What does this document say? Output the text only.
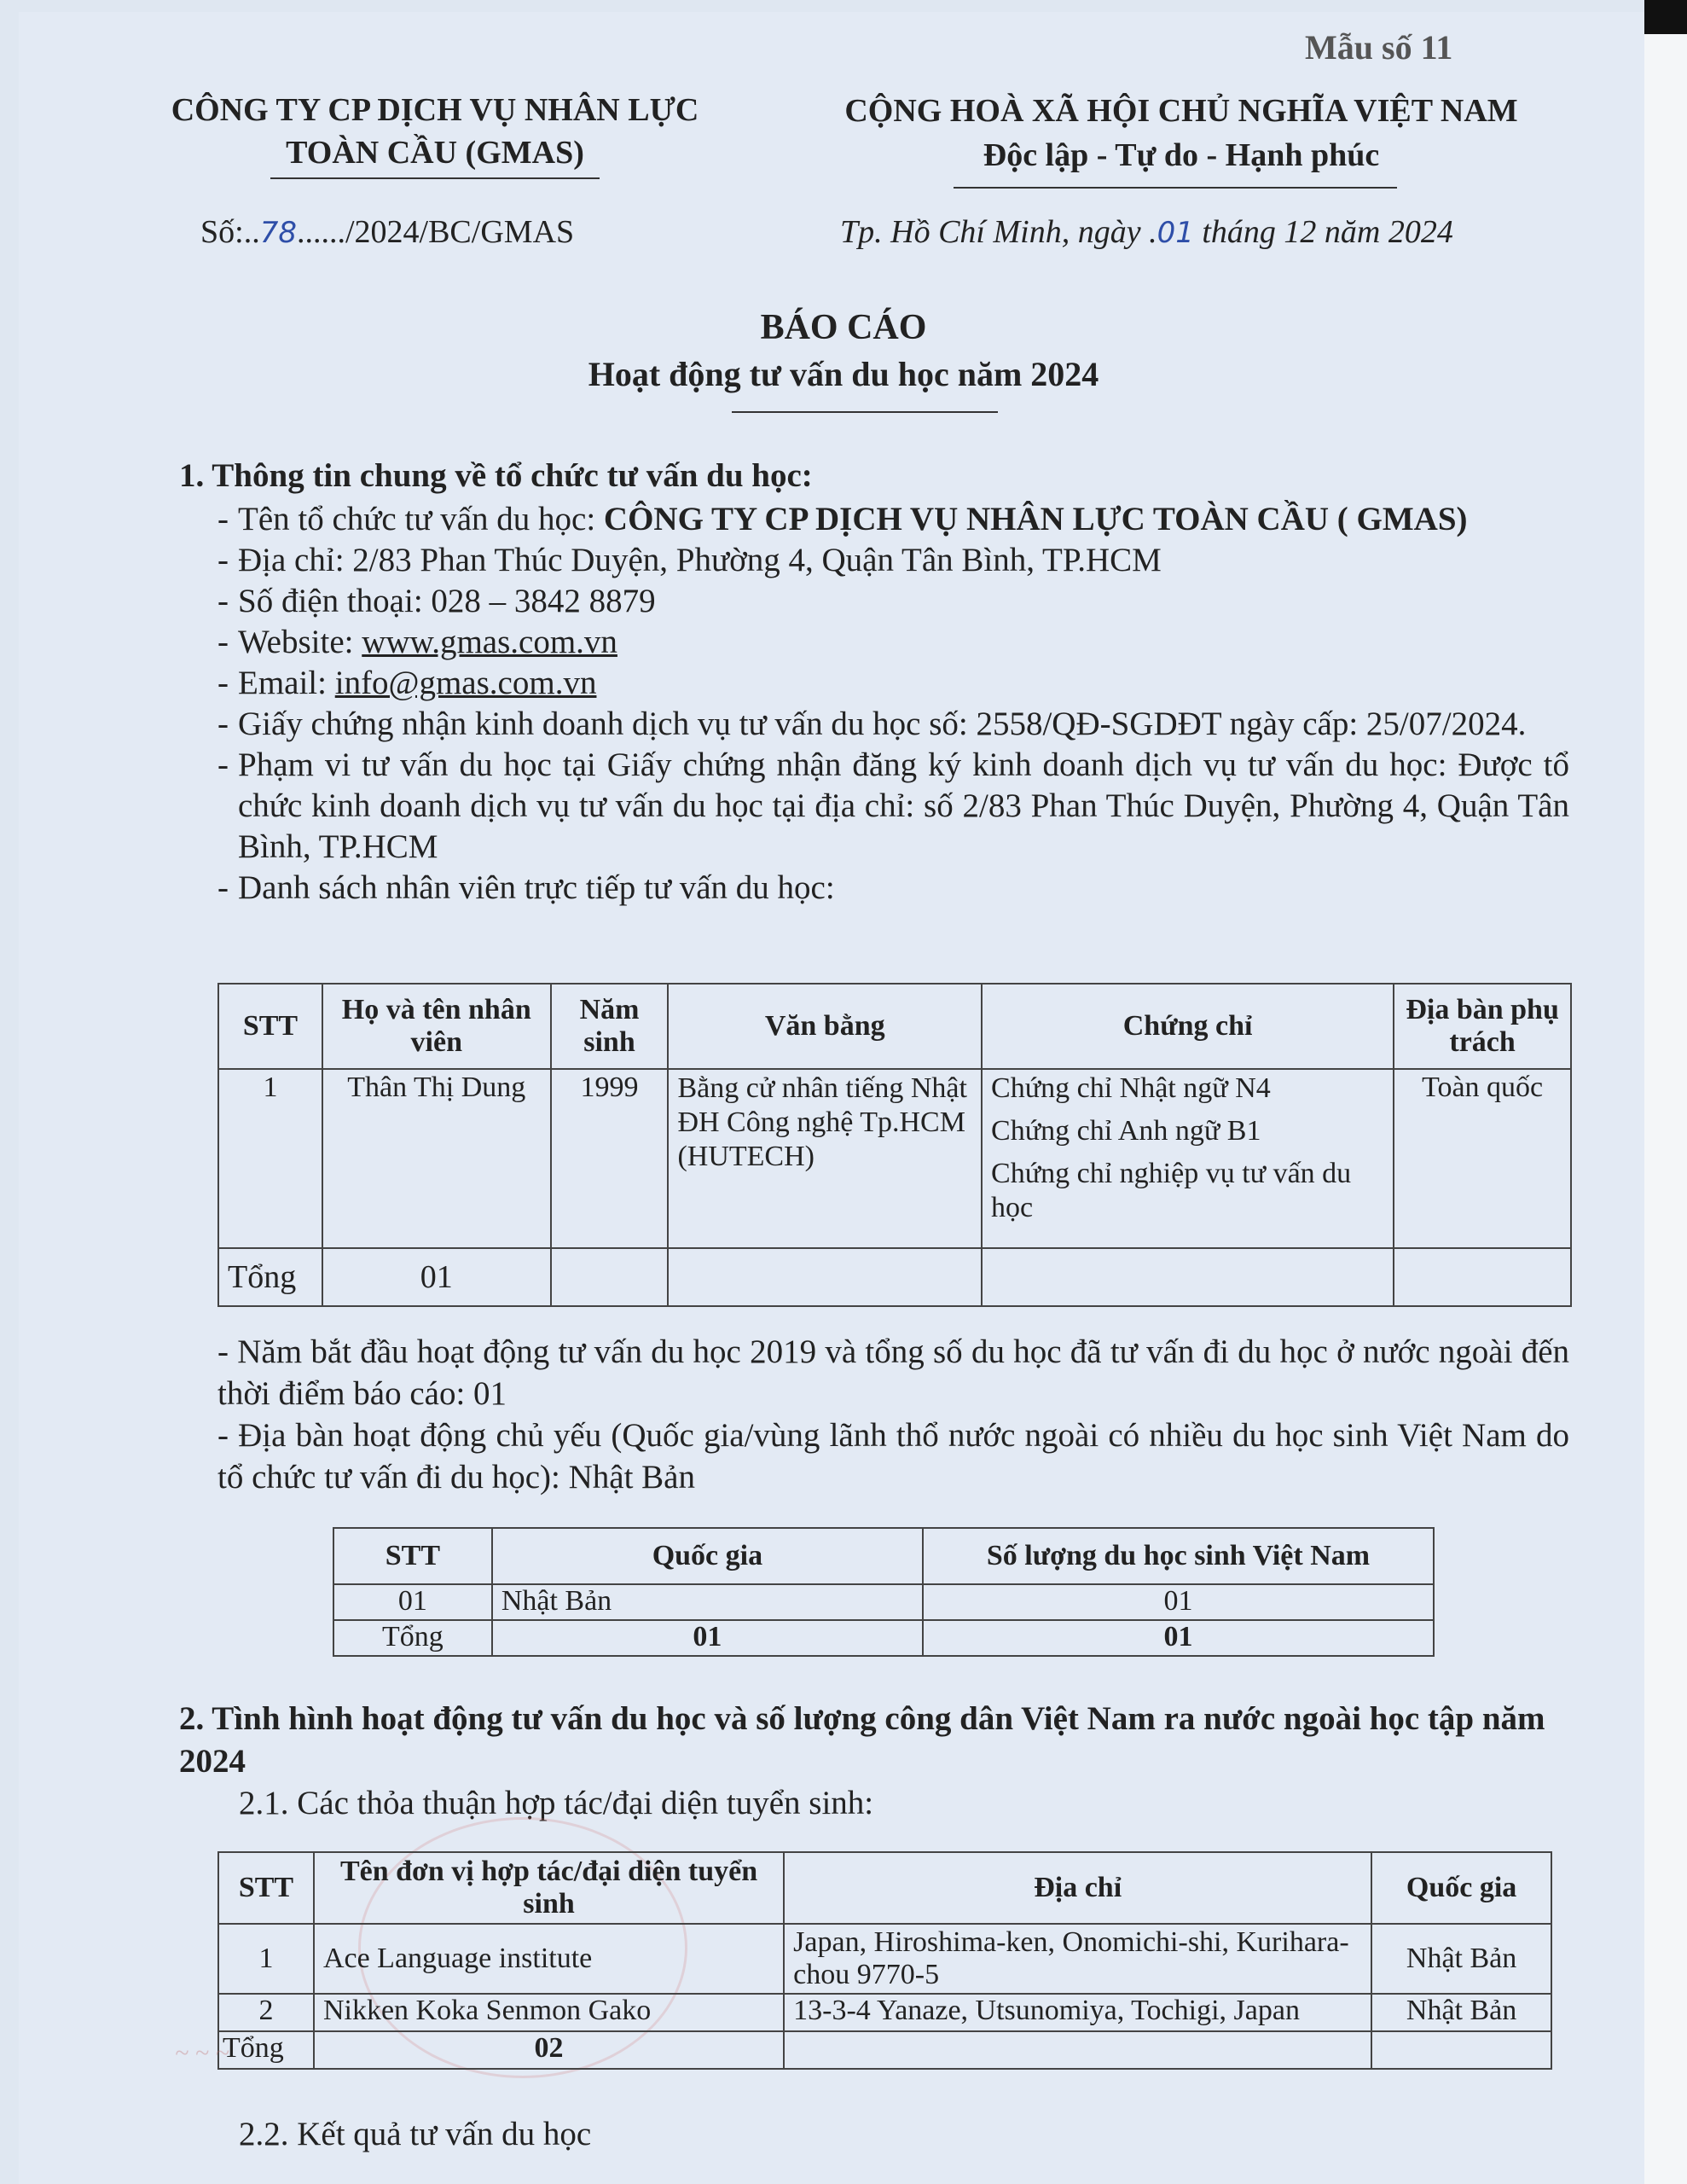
Mẫu số 11
CÔNG TY CP DỊCH VỤ NHÂN LỰC
TOÀN CẦU (GMAS)
CỘNG HOÀ XÃ HỘI CHỦ NGHĨA VIỆT NAM
Độc lập - Tự do - Hạnh phúc
Số:..78....../2024/BC/GMAS	Tp. Hồ Chí Minh, ngày .01 tháng 12 năm 2024
BÁO CÁO
Hoạt động tư vấn du học năm 2024
1. Thông tin chung về tổ chức tư vấn du học:
- Tên tổ chức tư vấn du học: CÔNG TY CP DỊCH VỤ NHÂN LỰC TOÀN CẦU ( GMAS)
- Địa chỉ: 2/83 Phan Thúc Duyện, Phường 4, Quận Tân Bình, TP.HCM
- Số điện thoại: 028 – 3842 8879
- Website: www.gmas.com.vn
- Email: info@gmas.com.vn
- Giấy chứng nhận kinh doanh dịch vụ tư vấn du học số: 2558/QĐ-SGDĐT ngày cấp: 25/07/2024.
- Phạm vi tư vấn du học tại Giấy chứng nhận đăng ký kinh doanh dịch vụ tư vấn du học: Được tổ chức kinh doanh dịch vụ tư vấn du học tại địa chỉ: số 2/83 Phan Thúc Duyện, Phường 4, Quận Tân Bình, TP.HCM
- Danh sách nhân viên trực tiếp tư vấn du học:
STT	Họ và tên nhân viên	Năm sinh	Văn bằng	Chứng chỉ	Địa bàn phụ trách
1	Thân Thị Dung	1999	Bằng cử nhân tiếng Nhật ĐH Công nghệ Tp.HCM (HUTECH)	Chứng chỉ Nhật ngữ N4

Chứng chỉ Anh ngữ B1

Chứng chỉ nghiệp vụ tư vấn du học	Toàn quốc
Tổng	01				
- Năm bắt đầu hoạt động tư vấn du học 2019 và tổng số du học đã tư vấn đi du học ở nước ngoài đến thời điểm báo cáo: 01
- Địa bàn hoạt động chủ yếu (Quốc gia/vùng lãnh thổ nước ngoài có nhiều du học sinh Việt Nam do tổ chức tư vấn đi du học): Nhật Bản
STT	Quốc gia	Số lượng du học sinh Việt Nam
01	Nhật Bản	01
Tổng	01	01
2. Tình hình hoạt động tư vấn du học và số lượng công dân Việt Nam ra nước ngoài học tập năm 2024
2.1. Các thỏa thuận hợp tác/đại diện tuyển sinh:
STT	Tên đơn vị hợp tác/đại diện tuyển sinh	Địa chỉ	Quốc gia
1	Ace Language institute	Japan, Hiroshima-ken, Onomichi-shi, Kurihara-chou 9770-5	Nhật Bản
2	Nikken Koka Senmon Gako	13-3-4 Yanaze, Utsunomiya, Tochigi, Japan	Nhật Bản
Tổng	02		
~ ~ ~
2.2. Kết quả tư vấn du học
